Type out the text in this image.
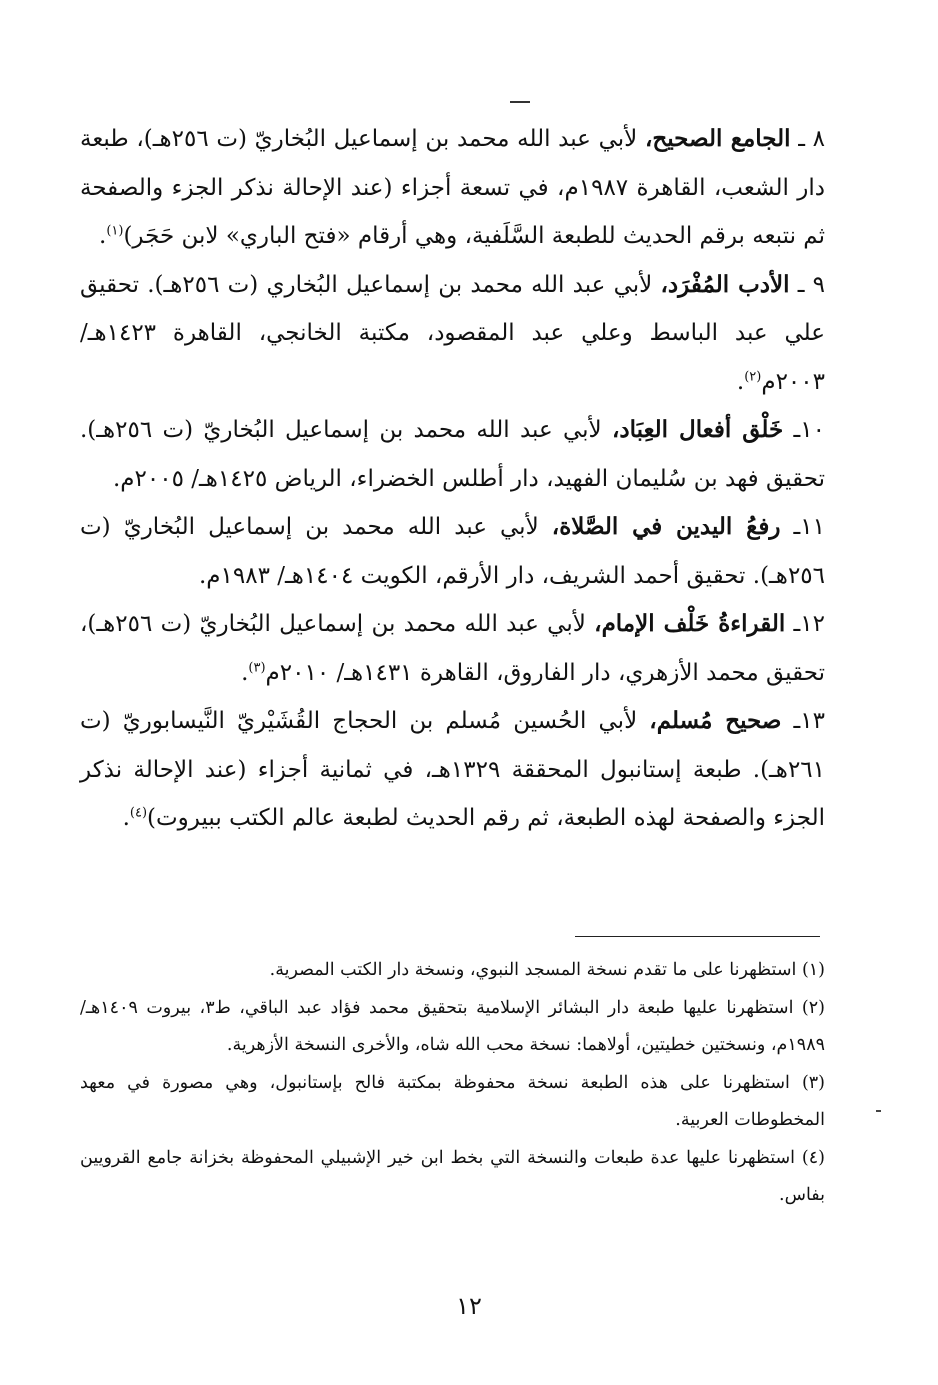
٨ ـ الجامع الصحيح، لأبي عبد الله محمد بن إسماعيل البُخاريّ (ت ٢٥٦هـ)، طبعة دار الشعب، القاهرة ١٩٨٧م، في تسعة أجزاء (عند الإحالة نذكر الجزء والصفحة ثم نتبعه برقم الحديث للطبعة السَّلَفية، وهي أرقام «فتح الباري» لابن حَجَر)$^{(١)}$.

٩ ـ الأدب المُفْرَد، لأبي عبد الله محمد بن إسماعيل البُخاري (ت ٢٥٦هـ). تحقيق علي عبد الباسط وعلي عبد المقصود، مكتبة الخانجي، القاهرة ١٤٢٣هـ/ ٢٠٠٣م$^{(٢)}$.

١٠ـ خَلْق أفعال العِبَاد، لأبي عبد الله محمد بن إسماعيل البُخاريّ (ت ٢٥٦هـ). تحقيق فهد بن سُليمان الفهيد، دار أطلس الخضراء، الرياض ١٤٢٥هـ/ ٢٠٠٥م.

١١ـ رفعُ اليدين في الصَّلاة، لأبي عبد الله محمد بن إسماعيل البُخاريّ (ت ٢٥٦هـ). تحقيق أحمد الشريف، دار الأرقم، الكويت ١٤٠٤هـ/ ١٩٨٣م.

١٢ـ القراءةُ خَلْف الإمام، لأبي عبد الله محمد بن إسماعيل البُخاريّ (ت ٢٥٦هـ)، تحقيق محمد الأزهري، دار الفاروق، القاهرة ١٤٣١هـ/ ٢٠١٠م$^{(٣)}$.

١٣ـ صحيح مُسلم، لأبي الحُسين مُسلم بن الحجاج القُشَيْريّ النَّيسابوريّ (ت ٢٦١هـ). طبعة إستانبول المحققة ١٣٢٩هـ، في ثمانية أجزاء (عند الإحالة نذكر الجزء والصفحة لهذه الطبعة، ثم رقم الحديث لطبعة عالم الكتب ببيروت)$^{(٤)}$.

(١) استظهرنا على ما تقدم نسخة المسجد النبوي، ونسخة دار الكتب المصرية.

(٢) استظهرنا عليها طبعة دار البشائر الإسلامية بتحقيق محمد فؤاد عبد الباقي، ط٣، بيروت ١٤٠٩هـ/ ١٩٨٩م، ونسختين خطيتين، أولاهما: نسخة محب الله شاه، والأخرى النسخة الأزهرية.

(٣) استظهرنا على هذه الطبعة نسخة محفوظة بمكتبة فالح بإستانبول، وهي مصورة في معهد المخطوطات العربية.

(٤) استظهرنا عليها عدة طبعات والنسخة التي بخط ابن خير الإشبيلي المحفوظة بخزانة جامع القرويين بفاس.

١٢
